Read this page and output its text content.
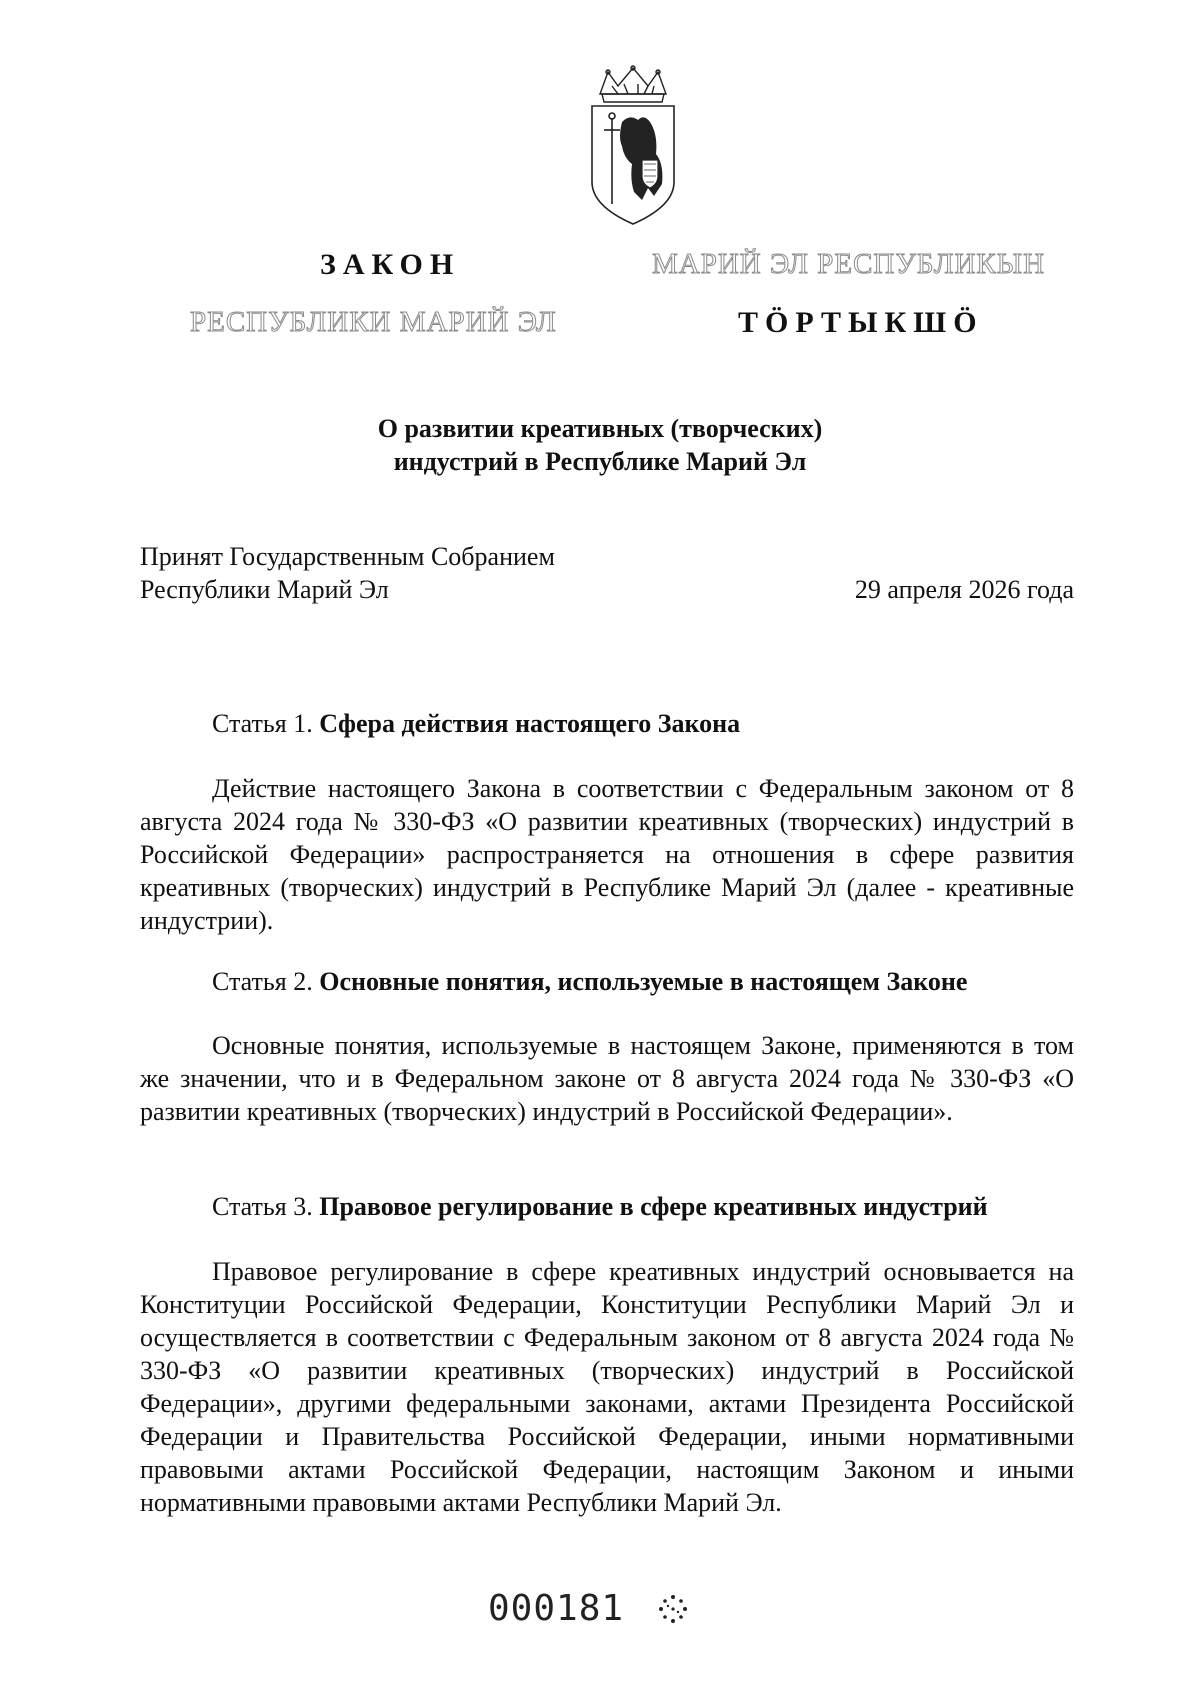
ЗАКОН
РЕСПУБЛИКИ МАРИЙ ЭЛ
МАРИЙ ЭЛ РЕСПУБЛИКЫН
ТӦРТЫКШӦ
О развитии креативных (творческих)
индустрий в Республике Марий Эл
Принят Государственным Собранием
Республики Марий Эл	29 апреля 2026 года
Статья 1. Сфера действия настоящего Закона

Действие настоящего Закона в соответствии с Федеральным законом от 8 августа 2024 года № 330-ФЗ «О развитии креативных (творческих) индустрий в Российской Федерации» распространяется на отношения в сфере развития креативных (творческих) индустрий в Республике Марий Эл (далее - креативные индустрии).

Статья 2. Основные понятия, используемые в настоящем Законе

Основные понятия, используемые в настоящем Законе, применяются в том же значении, что и в Федеральном законе от 8 августа 2024 года № 330-ФЗ «О развитии креативных (творческих) индустрий в Российской Федерации».

Статья 3. Правовое регулирование в сфере креативных индустрий

Правовое регулирование в сфере креативных индустрий основывается на Конституции Российской Федерации, Конституции Республики Марий Эл и осуществляется в соответствии с Федеральным законом от 8 августа 2024 года № 330-ФЗ «О развитии креативных (творческих) индустрий в Российской Федерации», другими федеральными законами, актами Президента Российской Федерации и Правительства Российской Федерации, иными нормативными правовыми актами Российской Федерации, настоящим Законом и иными нормативными правовыми актами Республики Марий Эл.

000181
